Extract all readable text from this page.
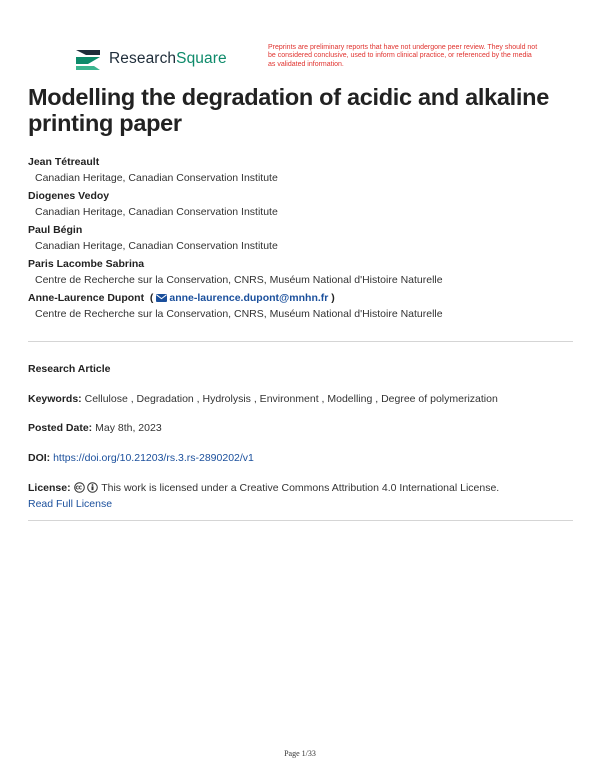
ResearchSquare
Preprints are preliminary reports that have not undergone peer review. They should not be considered conclusive, used to inform clinical practice, or referenced by the media as validated information.
Modelling the degradation of acidic and alkaline printing paper
Jean Tétreault
Canadian Heritage, Canadian Conservation Institute
Diogenes Vedoy
Canadian Heritage, Canadian Conservation Institute
Paul Bégin
Canadian Heritage, Canadian Conservation Institute
Paris Lacombe Sabrina
Centre de Recherche sur la Conservation, CNRS, Muséum National d'Histoire Naturelle
Anne-Laurence Dupont  ( anne-laurence.dupont@mnhn.fr )
Centre de Recherche sur la Conservation, CNRS, Muséum National d'Histoire Naturelle
Research Article
Keywords: Cellulose , Degradation , Hydrolysis , Environment , Modelling , Degree of polymerization
Posted Date: May 8th, 2023
DOI: https://doi.org/10.21203/rs.3.rs-2890202/v1
License:	This work is licensed under a Creative Commons Attribution 4.0 International License.
Read Full License
Page 1/33
